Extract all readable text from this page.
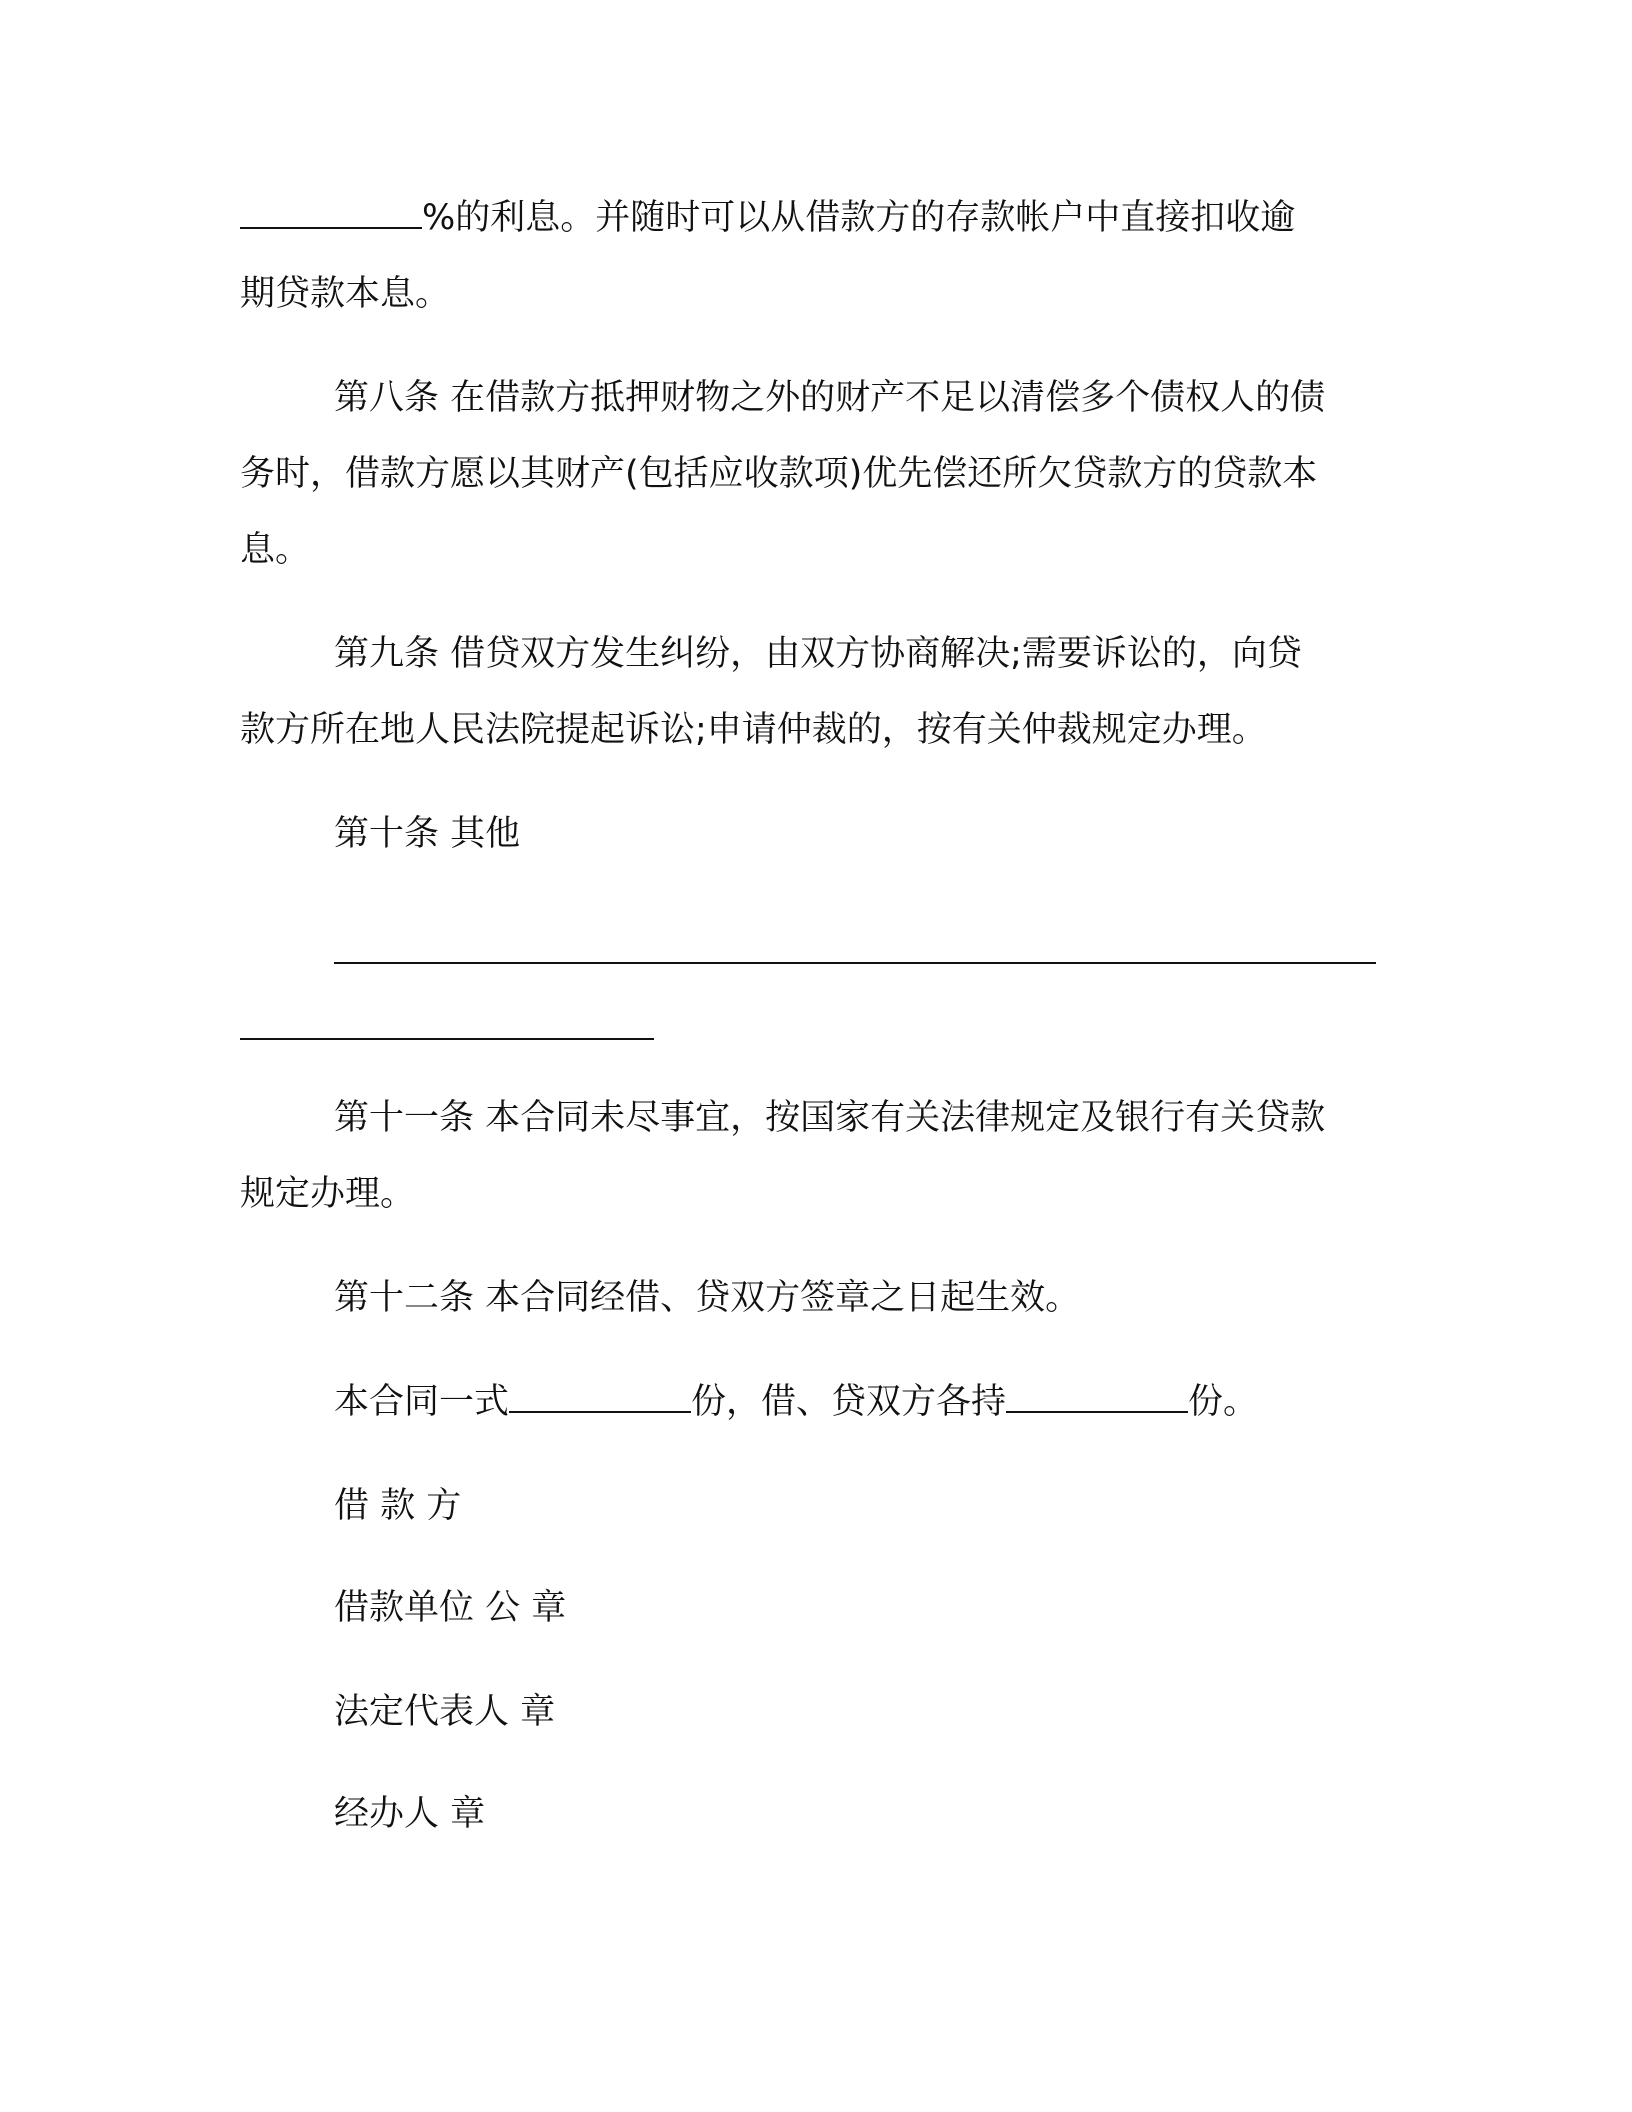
%的利息。并随时可以从借款方的存款帐户中直接扣收逾

期贷款本息。

第八条 在借款方抵押财物之外的财产不足以清偿多个债权人的债

务时，借款方愿以其财产(包括应收款项)优先偿还所欠贷款方的贷款本

息。

第九条 借贷双方发生纠纷，由双方协商解决;需要诉讼的，向贷

款方所在地人民法院提起诉讼;申请仲裁的，按有关仲裁规定办理。

第十条 其他

第十一条 本合同未尽事宜，按国家有关法律规定及银行有关贷款

规定办理。

第十二条 本合同经借、贷双方签章之日起生效。

本合同一式	份，借、贷双方各持	份。

借 款 方

借款单位 公 章

法定代表人 章

经办人 章
